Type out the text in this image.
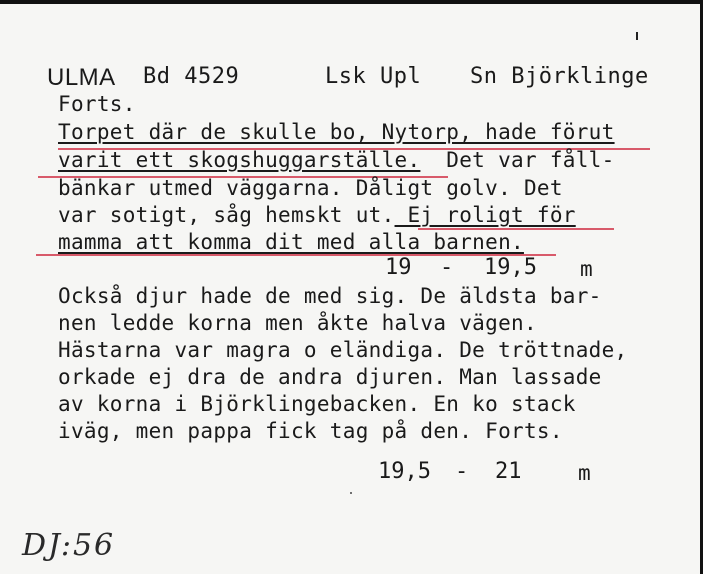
ULMA Bd 4529	Lsk Upl Sn Björklinge
Forts.
Torpet där de skulle bo, Nytorp, hade förut
varit ett skogshuggarställe.  Det var fåll-
bänkar utmed väggarna. Dåligt golv. Det
var sotigt, såg hemskt ut. Ej roligt för
mamma att komma dit med alla barnen.
19 - 19,5 m
Också djur hade de med sig. De äldsta bar-
nen ledde korna men åkte halva vägen.
Hästarna var magra o eländiga. De tröttnade,
orkade ej dra de andra djuren. Man lassade
av korna i Björklingebacken. En ko stack
iväg, men pappa fick tag på den. Forts.
19,5 - 21	m
DJ:56
